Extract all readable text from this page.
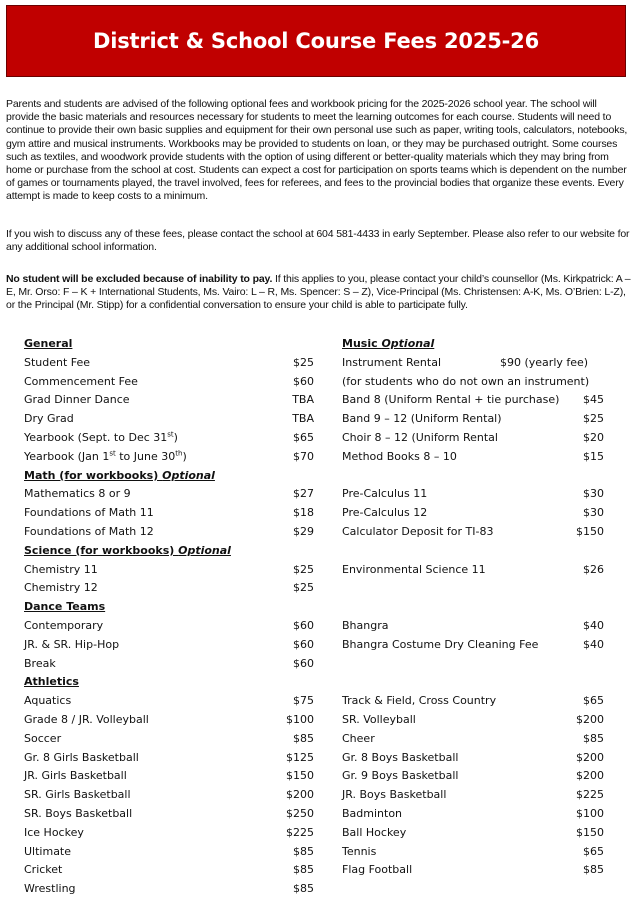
District & School Course Fees 2025-26

Parents and students are advised of the following optional fees and workbook pricing for the 2025-2026 school year. The school will provide the basic materials and resources necessary for students to meet the learning outcomes for each course. Students will need to continue to provide their own basic supplies and equipment for their own personal use such as paper, writing tools, calculators, notebooks, gym attire and musical instruments. Workbooks may be provided to students on loan, or they may be purchased outright. Some courses such as textiles, and woodwork provide students with the option of using different or better-quality materials which they may bring from home or purchase from the school at cost. Students can expect a cost for participation on sports teams which is dependent on the number of games or tournaments played, the travel involved, fees for referees, and fees to the provincial bodies that organize these events. Every attempt is made to keep costs to a minimum.

If you wish to discuss any of these fees, please contact the school at 604 581-4433 in early September. Please also refer to our website for any additional school information.

No student will be excluded because of inability to pay. If this applies to you, please contact your child’s counsellor (Ms. Kirkpatrick: A – E, Mr. Orso: F – K + International Students, Ms. Vairo: L – R, Ms. Spencer: S – Z), Vice-Principal (Ms. Christensen: A-K, Ms. O’Brien: L-Z), or the Principal (Mr. Stipp) for a confidential conversation to ensure your child is able to participate fully.

General
Student Fee	$25
Commencement Fee	$60
Grad Dinner Dance	TBA
Dry Grad	TBA
Yearbook (Sept. to Dec 31st)	$65
Yearbook (Jan 1st to June 30th)	$70
Math (for workbooks) Optional
Mathematics 8 or 9	$27
Foundations of Math 11	$18
Foundations of Math 12	$29
Science (for workbooks) Optional
Chemistry 11	$25
Chemistry 12	$25
Dance Teams
Contemporary	$60
JR. & SR. Hip-Hop	$60
Break	$60
Athletics
Aquatics	$75
Grade 8 / JR. Volleyball	$100
Soccer	$85
Gr. 8 Girls Basketball	$125
JR. Girls Basketball	$150
SR. Girls Basketball	$200
SR. Boys Basketball	$250
Ice Hockey	$225
Ultimate	$85
Cricket	$85
Wrestling	$85
Music Optional
Instrument Rental	$90 (yearly fee)
(for students who do not own an instrument)
Band 8 (Uniform Rental + tie purchase) $45
Band 9 – 12 (Uniform Rental)	$25
Choir 8 – 12 (Uniform Rental	$20
Method Books 8 – 10	$15
Pre-Calculus 11	$30
Pre-Calculus 12	$30
Calculator Deposit for TI-83	$150
Environmental Science 11	$26
Bhangra	$40
Bhangra Costume Dry Cleaning Fee	$40
Track & Field, Cross Country	$65
SR. Volleyball	$200
Cheer	$85
Gr. 8 Boys Basketball	$200
Gr. 9 Boys Basketball	$200
JR. Boys Basketball	$225
Badminton	$100
Ball Hockey	$150
Tennis	$65
Flag Football	$85
